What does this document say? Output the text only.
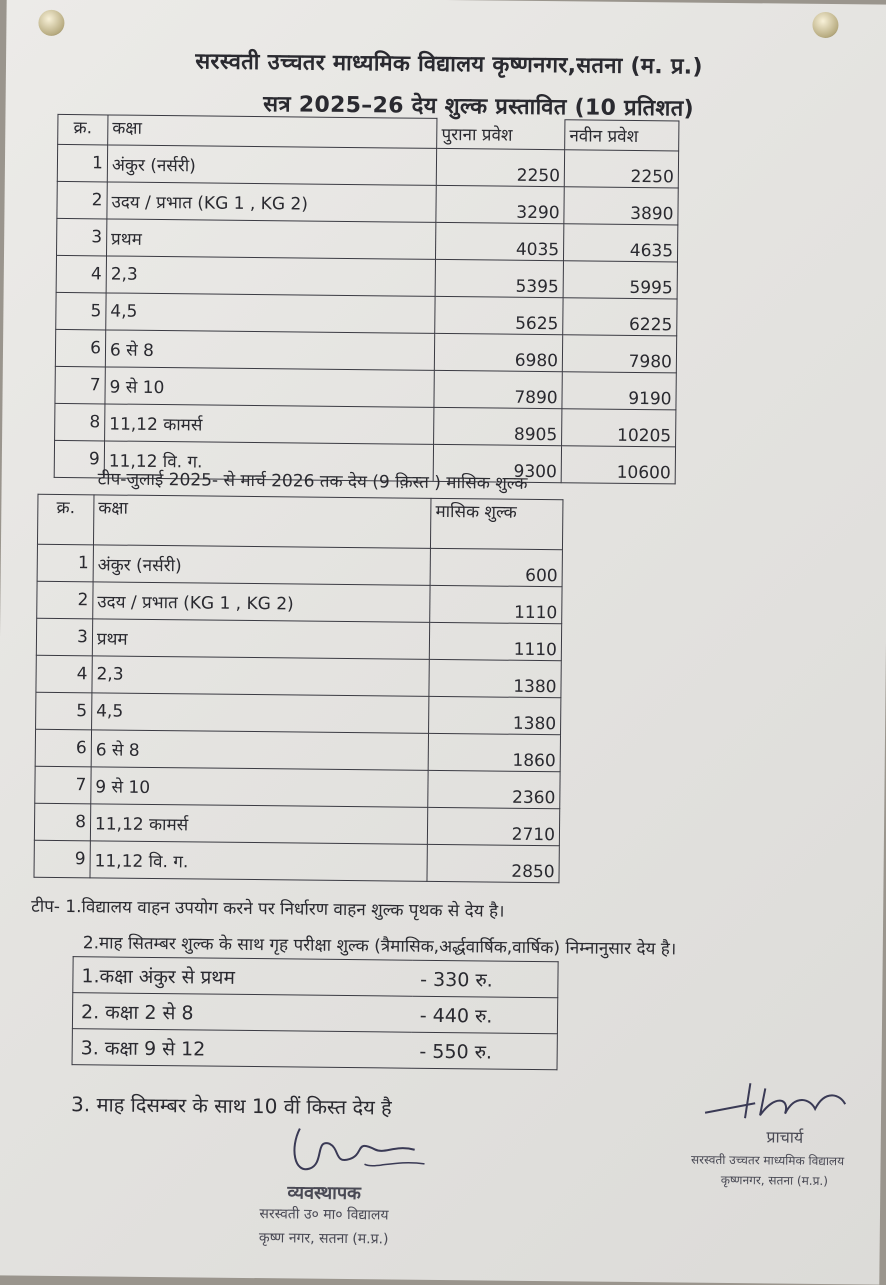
सरस्वती उच्चतर माध्यमिक विद्यालय कृष्णनगर,सतना (म. प्र.)
सत्र 2025–26 देय शुल्क प्रस्तावित (10 प्रतिशत)
क्र.	कक्षा	पुराना प्रवेश	नवीन प्रवेश
1	अंकुर (नर्सरी)	2250	2250
2	उदय / प्रभात (KG 1 , KG 2)	3290	3890
3	प्रथम	4035	4635
4	2,3	5395	5995
5	4,5	5625	6225
6	6 से 8	6980	7980
7	9 से 10	7890	9190
8	11,12 कामर्स	8905	10205
9	11,12 वि. ग.	9300	10600
टीप-जुलाई 2025- से मार्च 2026 तक देय (9 क़िस्त ) मासिक शुल्क
क्र.	कक्षा	मासिक शुल्क
1	अंकुर (नर्सरी)	600
2	उदय / प्रभात (KG 1 , KG 2)	1110
3	प्रथम	1110
4	2,3	1380
5	4,5	1380
6	6 से 8	1860
7	9 से 10	2360
8	11,12 कामर्स	2710
9	11,12 वि. ग.	2850
टीप- 1.विद्यालय वाहन उपयोग करने पर निर्धारण वाहन शुल्क पृथक से देय है।
2.माह सितम्बर शुल्क के साथ गृह परीक्षा शुल्क (त्रैमासिक,अर्द्धवार्षिक,वार्षिक) निम्नानुसार देय है।
1.कक्षा अंकुर से प्रथम	- 330 रु.
2. कक्षा 2 से 8	- 440 रु.
3. कक्षा 9 से 12	- 550 रु.
3. माह दिसम्बर के साथ 10 वीं किस्त देय है
व्यवस्थापक
सरस्वती उ० मा० विद्यालय
कृष्ण नगर, सतना (म.प्र.)
प्राचार्य
सरस्वती उच्चतर माध्यमिक विद्यालय
कृष्णनगर, सतना (म.प्र.)
